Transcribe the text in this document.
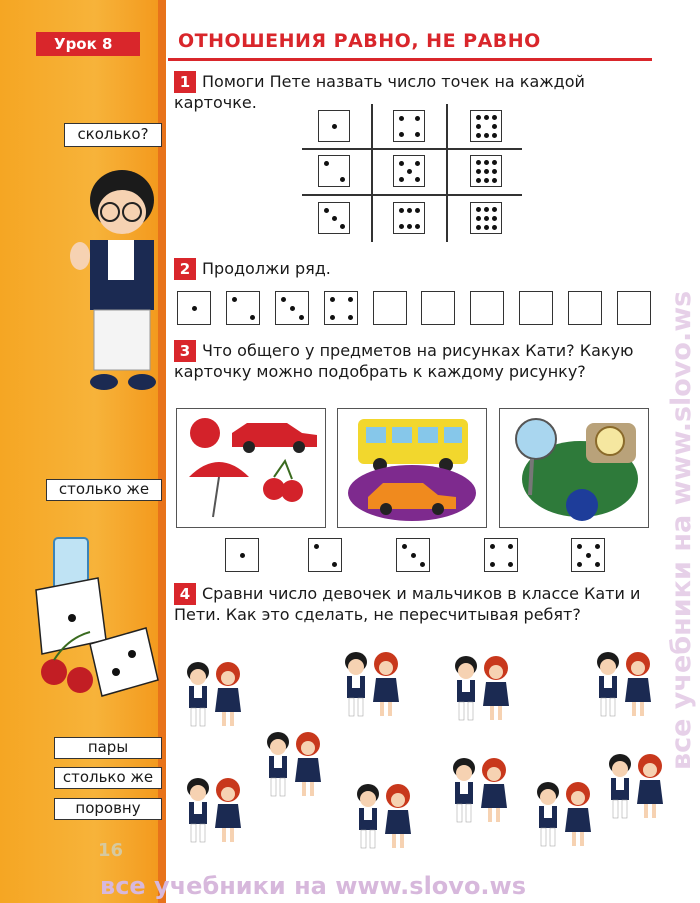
Урок 8	ОТНОШЕНИЯ РАВНО, НЕ РАВНО
сколько?
столько же
пары
столько же
поровну
1 Помоги Пете назвать число точек на каждой карточке.
2 Продолжи ряд.
3 Что общего у предметов на рисунках Кати? Какую карточку можно подобрать к каждому рисунку?
4 Сравни число девочек и мальчиков в классе Кати и Пети. Как это сделать, не пересчитывая ребят?
16
все учебники на www.slovo.ws
все учебники на www.slovo.ws
